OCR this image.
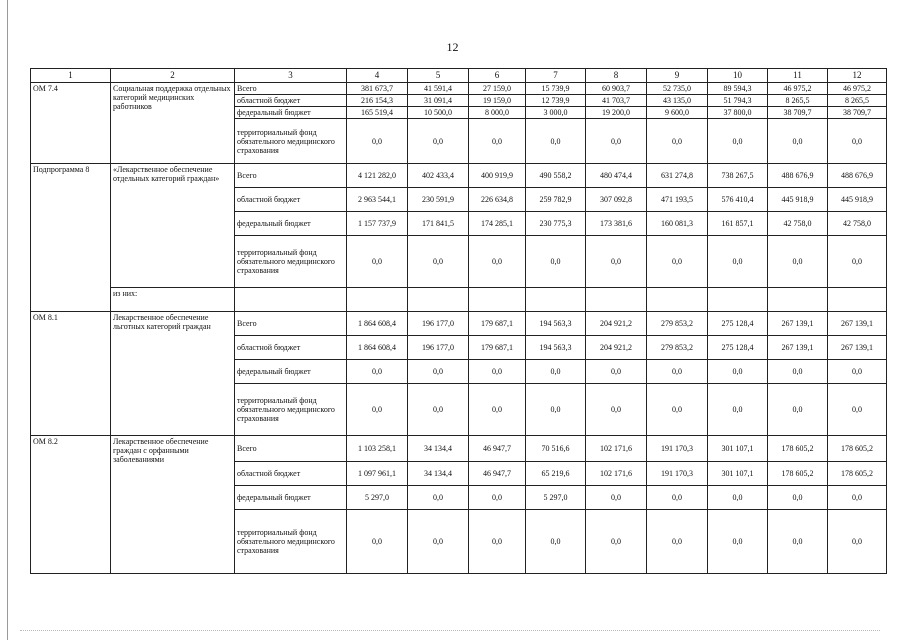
12
1	2	3	4	5	6	7	8	9	10	11	12
ОМ 7.4	Социальная поддержка отдельных категорий медицинских работников	Всего	381 673,7	41 591,4	27 159,0	15 739,9	60 903,7	52 735,0	89 594,3	46 975,2	46 975,2
		областной бюджет	216 154,3	31 091,4	19 159,0	12 739,9	41 703,7	43 135,0	51 794,3	8 265,5	8 265,5
		федеральный бюджет	165 519,4	10 500,0	8 000,0	3 000,0	19 200,0	9 600,0	37 800,0	38 709,7	38 709,7
		территориальный фонд обязательного медицинского страхования	0,0	0,0	0,0	0,0	0,0	0,0	0,0	0,0	0,0
Подпрограмма 8	«Лекарственное обеспечение отдельных категорий граждан»	Всего	4 121 282,0	402 433,4	400 919,9	490 558,2	480 474,4	631 274,8	738 267,5	488 676,9	488 676,9
		областной бюджет	2 963 544,1	230 591,9	226 634,8	259 782,9	307 092,8	471 193,5	576 410,4	445 918,9	445 918,9
		федеральный бюджет	1 157 737,9	171 841,5	174 285,1	230 775,3	173 381,6	160 081,3	161 857,1	42 758,0	42 758,0
		территориальный фонд обязательного медицинского страхования	0,0	0,0	0,0	0,0	0,0	0,0	0,0	0,0	0,0
	из них:										
ОМ 8.1	Лекарственное обеспечение льготных категорий граждан	Всего	1 864 608,4	196 177,0	179 687,1	194 563,3	204 921,2	279 853,2	275 128,4	267 139,1	267 139,1
		областной бюджет	1 864 608,4	196 177,0	179 687,1	194 563,3	204 921,2	279 853,2	275 128,4	267 139,1	267 139,1
		федеральный бюджет	0,0	0,0	0,0	0,0	0,0	0,0	0,0	0,0	0,0
		территориальный фонд обязательного медицинского страхования	0,0	0,0	0,0	0,0	0,0	0,0	0,0	0,0	0,0
ОМ 8.2	Лекарственное обеспечение граждан с орфанными заболеваниями	Всего	1 103 258,1	34 134,4	46 947,7	70 516,6	102 171,6	191 170,3	301 107,1	178 605,2	178 605,2
		областной бюджет	1 097 961,1	34 134,4	46 947,7	65 219,6	102 171,6	191 170,3	301 107,1	178 605,2	178 605,2
		федеральный бюджет	5 297,0	0,0	0,0	5 297,0	0,0	0,0	0,0	0,0	0,0
		территориальный фонд обязательного медицинского страхования	0,0	0,0	0,0	0,0	0,0	0,0	0,0	0,0	0,0
